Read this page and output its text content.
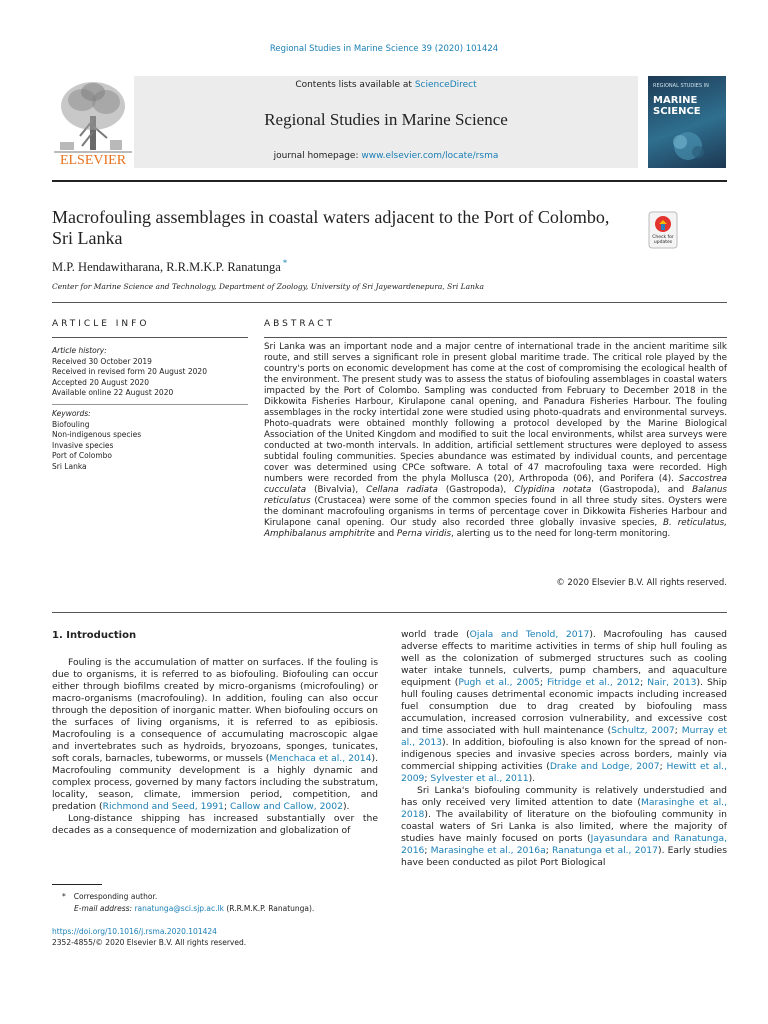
Regional Studies in Marine Science 39 (2020) 101424
ELSEVIER
Contents lists available at ScienceDirect
Regional Studies in Marine Science
journal homepage: www.elsevier.com/locate/rsma
REGIONAL STUDIES IN
MARINE SCIENCE
Macrofouling assemblages in coastal waters adjacent to the Port of Colombo, Sri Lanka	Check for updates
M.P. Hendawitharana, R.R.M.K.P. Ranatunga *
Center for Marine Science and Technology, Department of Zoology, University of Sri Jayewardenepura, Sri Lanka
ARTICLE INFO	ABSTRACT
Article history:
Received 30 October 2019
Received in revised form 20 August 2020
Accepted 20 August 2020
Available online 22 August 2020
Keywords:
Biofouling
Non-indigenous species
Invasive species
Port of Colombo
Sri Lanka
Sri Lanka was an important node and a major centre of international trade in the ancient maritime silk route, and still serves a significant role in present global maritime trade. The critical role played by the country's ports on economic development has come at the cost of compromising the ecological health of the environment. The present study was to assess the status of biofouling assemblages in coastal waters impacted by the Port of Colombo. Sampling was conducted from February to December 2018 in the Dikkowita Fisheries Harbour, Kirulapone canal opening, and Panadura Fisheries Harbour. The fouling assemblages in the rocky intertidal zone were studied using photo-quadrats and environmental surveys. Photo-quadrats were obtained monthly following a protocol developed by the Marine Biological Association of the United Kingdom and modified to suit the local environments, whilst area surveys were conducted at two-month intervals. In addition, artificial settlement structures were deployed to assess subtidal fouling communities. Species abundance was estimated by individual counts, and percentage cover was determined using CPCe software. A total of 47 macrofouling taxa were recorded. High numbers were recorded from the phyla Mollusca (20), Arthropoda (06), and Porifera (4). Saccostrea cucculata (Bivalvia), Cellana radiata (Gastropoda), Clypidina notata (Gastropoda), and Balanus reticulatus (Crustacea) were some of the common species found in all three study sites. Oysters were the dominant macrofouling organisms in terms of percentage cover in Dikkowita Fisheries Harbour and Kirulapone canal opening. Our study also recorded three globally invasive species, B. reticulatus, Amphibalanus amphitrite and Perna viridis, alerting us to the need for long-term monitoring.
© 2020 Elsevier B.V. All rights reserved.
1. Introduction

Fouling is the accumulation of matter on surfaces. If the fouling is due to organisms, it is referred to as biofouling. Biofouling can occur either through biofilms created by micro-organisms (microfouling) or macro-organisms (macrofouling). In addition, fouling can also occur through the deposition of inorganic matter. When biofouling occurs on the surfaces of living organisms, it is referred to as epibiosis. Macrofouling is a consequence of accumulating macroscopic algae and invertebrates such as hydroids, bryozoans, sponges, tunicates, soft corals, barnacles, tubeworms, or mussels (Menchaca et al., 2014). Macrofouling community development is a highly dynamic and complex process, governed by many factors including the substratum, locality, season, climate, immersion period, competition, and predation (Richmond and Seed, 1991; Callow and Callow, 2002).

Long-distance shipping has increased substantially over the decades as a consequence of modernization and globalization of

world trade (Ojala and Tenold, 2017). Macrofouling has caused adverse effects to maritime activities in terms of ship hull fouling as well as the colonization of submerged structures such as cooling water intake tunnels, culverts, pump chambers, and aquaculture equipment (Pugh et al., 2005; Fitridge et al., 2012; Nair, 2013). Ship hull fouling causes detrimental economic impacts including increased fuel consumption due to drag created by biofouling mass accumulation, increased corrosion vulnerability, and excessive cost and time associated with hull maintenance (Schultz, 2007; Murray et al., 2013). In addition, biofouling is also known for the spread of non-indigenous species and invasive species across borders, mainly via commercial shipping activities (Drake and Lodge, 2007; Hewitt et al., 2009; Sylvester et al., 2011).

Sri Lanka's biofouling community is relatively understudied and has only received very limited attention to date (Marasinghe et al., 2018). The availability of literature on the biofouling community in coastal waters of Sri Lanka is also limited, where the majority of studies have mainly focused on ports (Jayasundara and Ranatunga, 2016; Marasinghe et al., 2016a; Ranatunga et al., 2017). Early studies have been conducted as pilot Port Biological

* Corresponding author.
E-mail address: ranatunga@sci.sjp.ac.lk (R.R.M.K.P. Ranatunga).
https://doi.org/10.1016/j.rsma.2020.101424
2352-4855/© 2020 Elsevier B.V. All rights reserved.
